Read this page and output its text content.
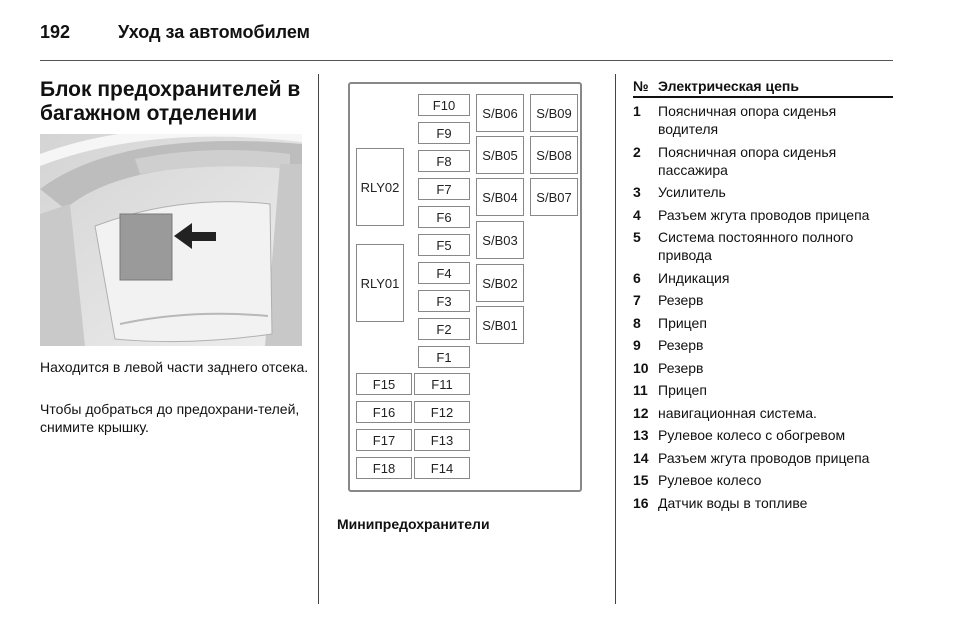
192	Уход за автомобилем
Блок предохранителей в багажном отделении

Находится в левой части заднего отсека.

Чтобы добраться до предохрани-телей, снимите крышку.

RLY02
RLY01
F10
F9
F8
F7
F6
F5
F4
F3
F2
F1
F15
F16
F17
F18
F11
F12
F13
F14
S/B06
S/B05
S/B04
S/B03
S/B02
S/B01
S/B09
S/B08
S/B07
Минипредохранители
№ Электрическая цепь
1	Поясничная опора сиденья водителя
2	Поясничная опора сиденья пассажира
3	Усилитель
4	Разъем жгута проводов прицепа
5	Система постоянного полного привода
6	Индикация
7	Резерв
8	Прицеп
9	Резерв
10 Резерв
11 Прицеп
12 навигационная система.
13 Рулевое колесо с обогревом
14 Разъем жгута проводов прицепа
15 Рулевое колесо
16 Датчик воды в топливе
